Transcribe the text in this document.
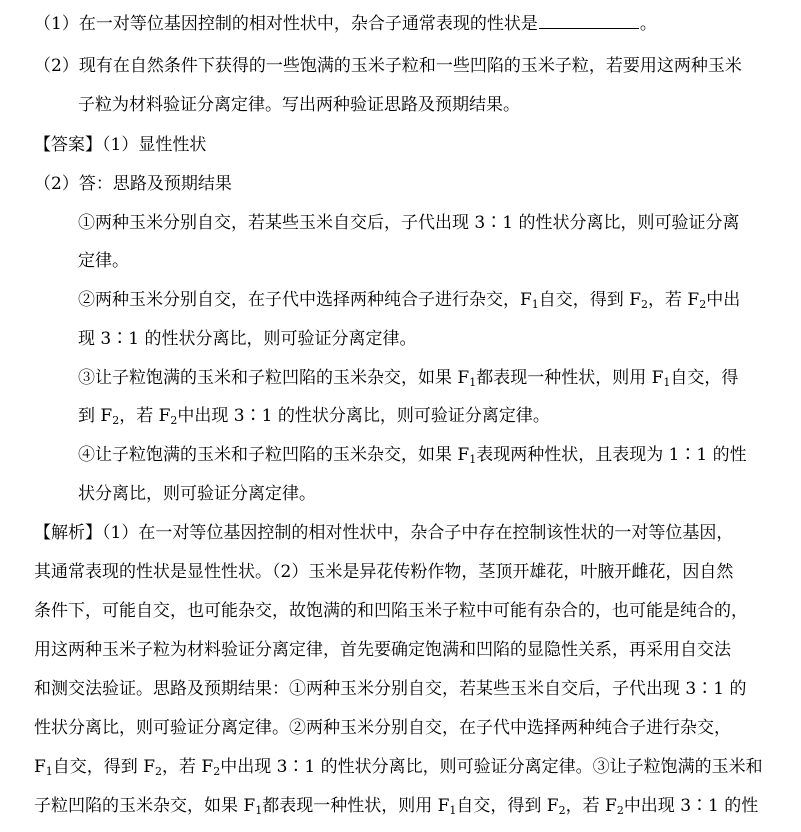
（1）在一对等位基因控制的相对性状中，杂合子通常表现的性状是	。
（2）现有在自然条件下获得的一些饱满的玉米子粒和一些凹陷的玉米子粒，若要用这两种玉米
子粒为材料验证分离定律。写出两种验证思路及预期结果。
【答案】（1）显性性状
（2）答：思路及预期结果
①两种玉米分别自交，若某些玉米自交后，子代出现 3∶1 的性状分离比，则可验证分离
定律。
②两种玉米分别自交，在子代中选择两种纯合子进行杂交，$F_1$自交，得到 $F_2$，若 $F_2$中出
现 3∶1 的性状分离比，则可验证分离定律。
③让子粒饱满的玉米和子粒凹陷的玉米杂交，如果 $F_1$都表现一种性状，则用 $F_1$自交，得
到 $F_2$，若 $F_2$中出现 3∶1 的性状分离比，则可验证分离定律。
④让子粒饱满的玉米和子粒凹陷的玉米杂交，如果 $F_1$表现两种性状，且表现为 1∶1 的性
状分离比，则可验证分离定律。
【解析】（1）在一对等位基因控制的相对性状中，杂合子中存在控制该性状的一对等位基因，
其通常表现的性状是显性性状。（2）玉米是异花传粉作物，茎顶开雄花，叶腋开雌花，因自然
条件下，可能自交，也可能杂交，故饱满的和凹陷玉米子粒中可能有杂合的，也可能是纯合的，
用这两种玉米子粒为材料验证分离定律，首先要确定饱满和凹陷的显隐性关系，再采用自交法
和测交法验证。思路及预期结果：①两种玉米分别自交，若某些玉米自交后，子代出现 3∶1 的
性状分离比，则可验证分离定律。②两种玉米分别自交，在子代中选择两种纯合子进行杂交，
$F_1$自交，得到 $F_2$，若 $F_2$中出现 3∶1 的性状分离比，则可验证分离定律。③让子粒饱满的玉米和
子粒凹陷的玉米杂交，如果 $F_1$都表现一种性状，则用 $F_1$自交，得到 $F_2$，若 $F_2$中出现 3∶1 的性
